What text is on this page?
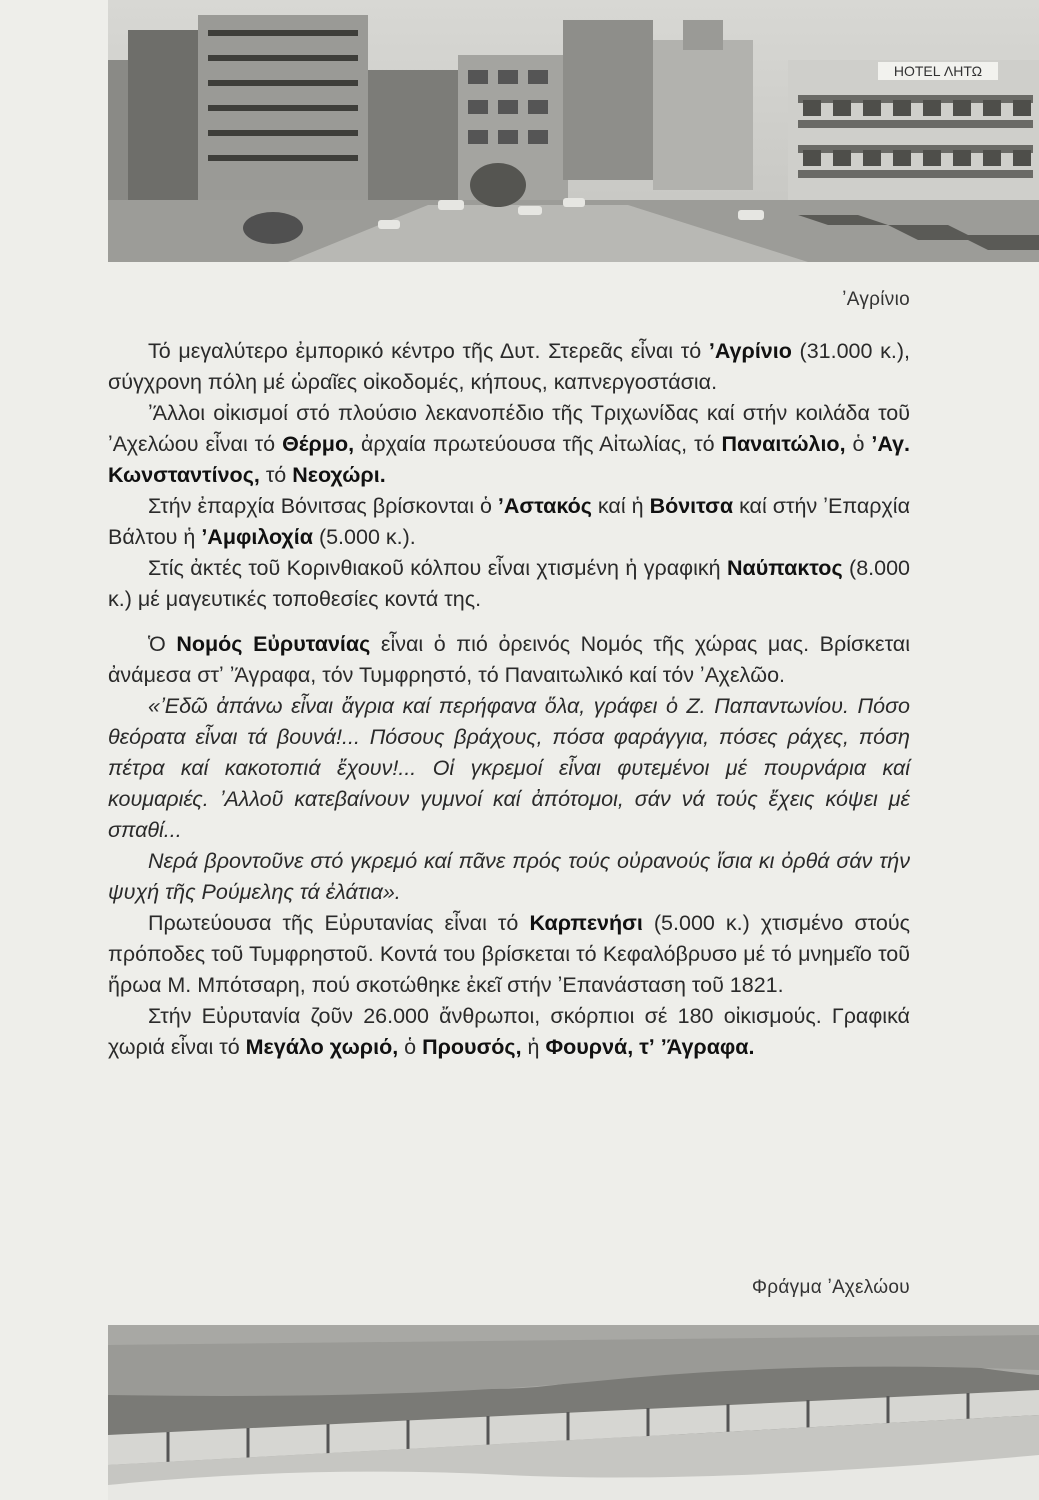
HOTEL ΛΗΤΩ
ʼΑγρίνιο

Τό μεγαλύτερο ἐμπορικό κέντρο τῆς Δυτ. Στερεᾶς εἶναι τό ʼΑγρίνιο (31.000 κ.), σύγχρονη πόλη μέ ὡραῖες οἰκοδομές, κήπους, καπνεργοστάσια.

ʼΆλλοι οἰκισμοί στό πλούσιο λεκανοπέδιο τῆς Τριχωνίδας καί στήν κοιλάδα τοῦ ʼΑχελώου εἶναι τό Θέρμο, ἀρχαία πρωτεύουσα τῆς Αἰτωλίας, τό Παναιτώλιο, ὁ ʼΑγ. Κωνσταντίνος, τό Νεοχώρι.

Στήν ἐπαρχία Βόνιτσας βρίσκονται ὁ ʼΑστακός καί ἡ Βόνιτσα καί στήν ʼΕπαρχία Βάλτου ἡ ʼΑμφιλοχία (5.000 κ.).

Στίς ἀκτές τοῦ Κορινθιακοῦ κόλπου εἶναι χτισμένη ἡ γραφική Ναύπακτος (8.000 κ.) μέ μαγευτικές τοποθεσίες κοντά της.

Ὁ Νομός Εὐρυτανίας εἶναι ὁ πιό ὀρεινός Νομός τῆς χώρας μας. Βρίσκεται ἀνάμεσα στʼ ʼΆγραφα, τόν Τυμφρηστό, τό Παναιτωλικό καί τόν ʼΑχελῶο.

«ʼΕδῶ ἀπάνω εἶναι ἄγρια καί περήφανα ὅλα, γράφει ὁ Ζ. Παπαντωνίου. Πόσο θεόρατα εἶναι τά βουνά!... Πόσους βράχους, πόσα φαράγγια, πόσες ράχες, πόση πέτρα καί κακοτοπιά ἔχουν!... Οἱ γκρεμοί εἶναι φυτεμένοι μέ πουρνάρια καί κουμαριές. ʼΑλλοῦ κατεβαίνουν γυμνοί καί ἀπότομοι, σάν νά τούς ἔχεις κόψει μέ σπαθί...

Νερά βροντοῦνε στό γκρεμό καί πᾶνε πρός τούς οὐρανούς ἴσια κι ὀρθά σάν τήν ψυχή τῆς Ρούμελης τά ἐλάτια».

Πρωτεύουσα τῆς Εὐρυτανίας εἶναι τό Καρπενήσι (5.000 κ.) χτισμένο στούς πρόποδες τοῦ Τυμφρηστοῦ. Κοντά του βρίσκεται τό Κεφαλόβρυσο μέ τό μνημεῖο τοῦ ἥρωα Μ. Μπότσαρη, πού σκοτώθηκε ἐκεῖ στήν ʼΕπανάσταση τοῦ 1821.

Στήν Εὐρυτανία ζοῦν 26.000 ἄνθρωποι, σκόρπιοι σέ 180 οἰκισμούς. Γραφικά χωριά εἶναι τό Μεγάλο χωριό, ὁ Προυσός, ἡ Φουρνά, τʼ ʼΆγραφα.

Φράγμα ʼΑχελώου
